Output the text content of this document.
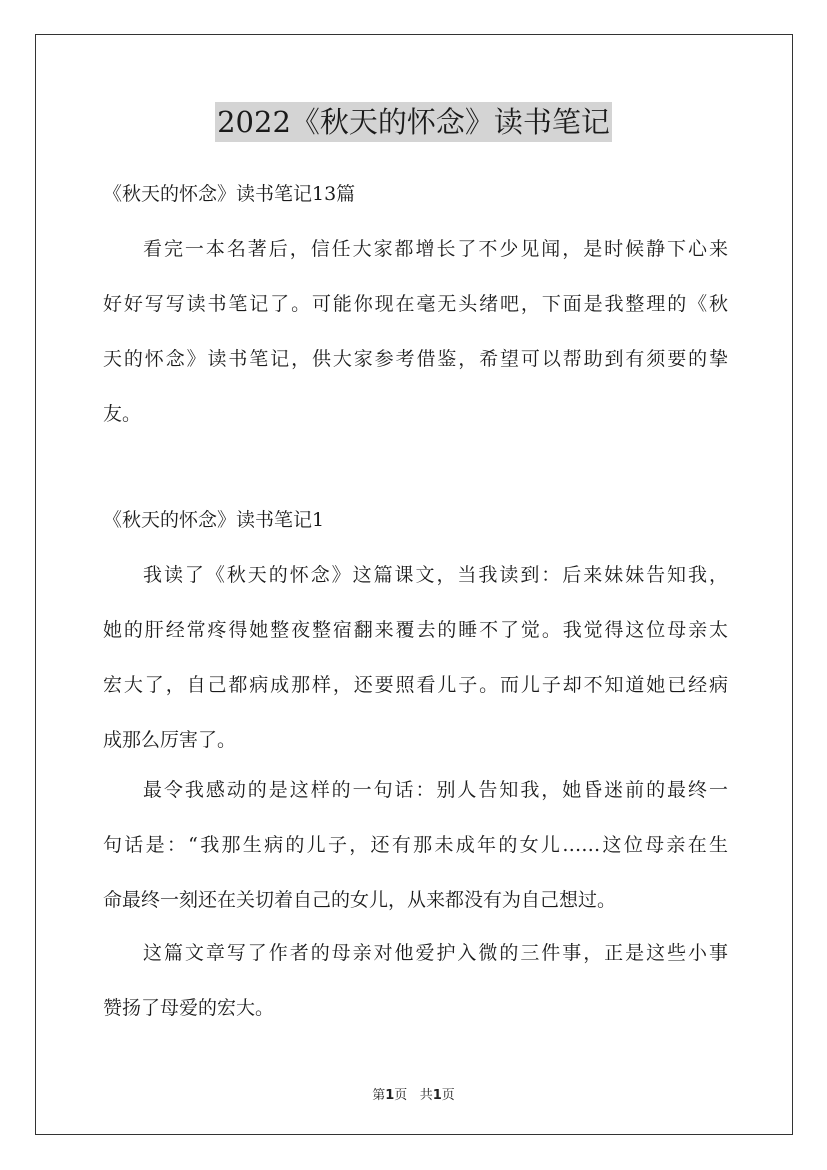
2022《秋天的怀念》读书笔记
《秋天的怀念》读书笔记13篇
看完一本名著后，信任大家都增长了不少见闻，是时候静下心来
好好写写读书笔记了。可能你现在毫无头绪吧，下面是我整理的《秋
天的怀念》读书笔记，供大家参考借鉴，希望可以帮助到有须要的挚
友。
《秋天的怀念》读书笔记1
我读了《秋天的怀念》这篇课文，当我读到：后来妹妹告知我，
她的肝经常疼得她整夜整宿翻来覆去的睡不了觉。我觉得这位母亲太
宏大了，自己都病成那样，还要照看儿子。而儿子却不知道她已经病
成那么厉害了。
最令我感动的是这样的一句话：别人告知我，她昏迷前的最终一
句话是：“我那生病的儿子，还有那未成年的女儿……这位母亲在生
命最终一刻还在关切着自己的女儿，从来都没有为自己想过。
这篇文章写了作者的母亲对他爱护入微的三件事，正是这些小事
赞扬了母爱的宏大。
第1页   共1页
